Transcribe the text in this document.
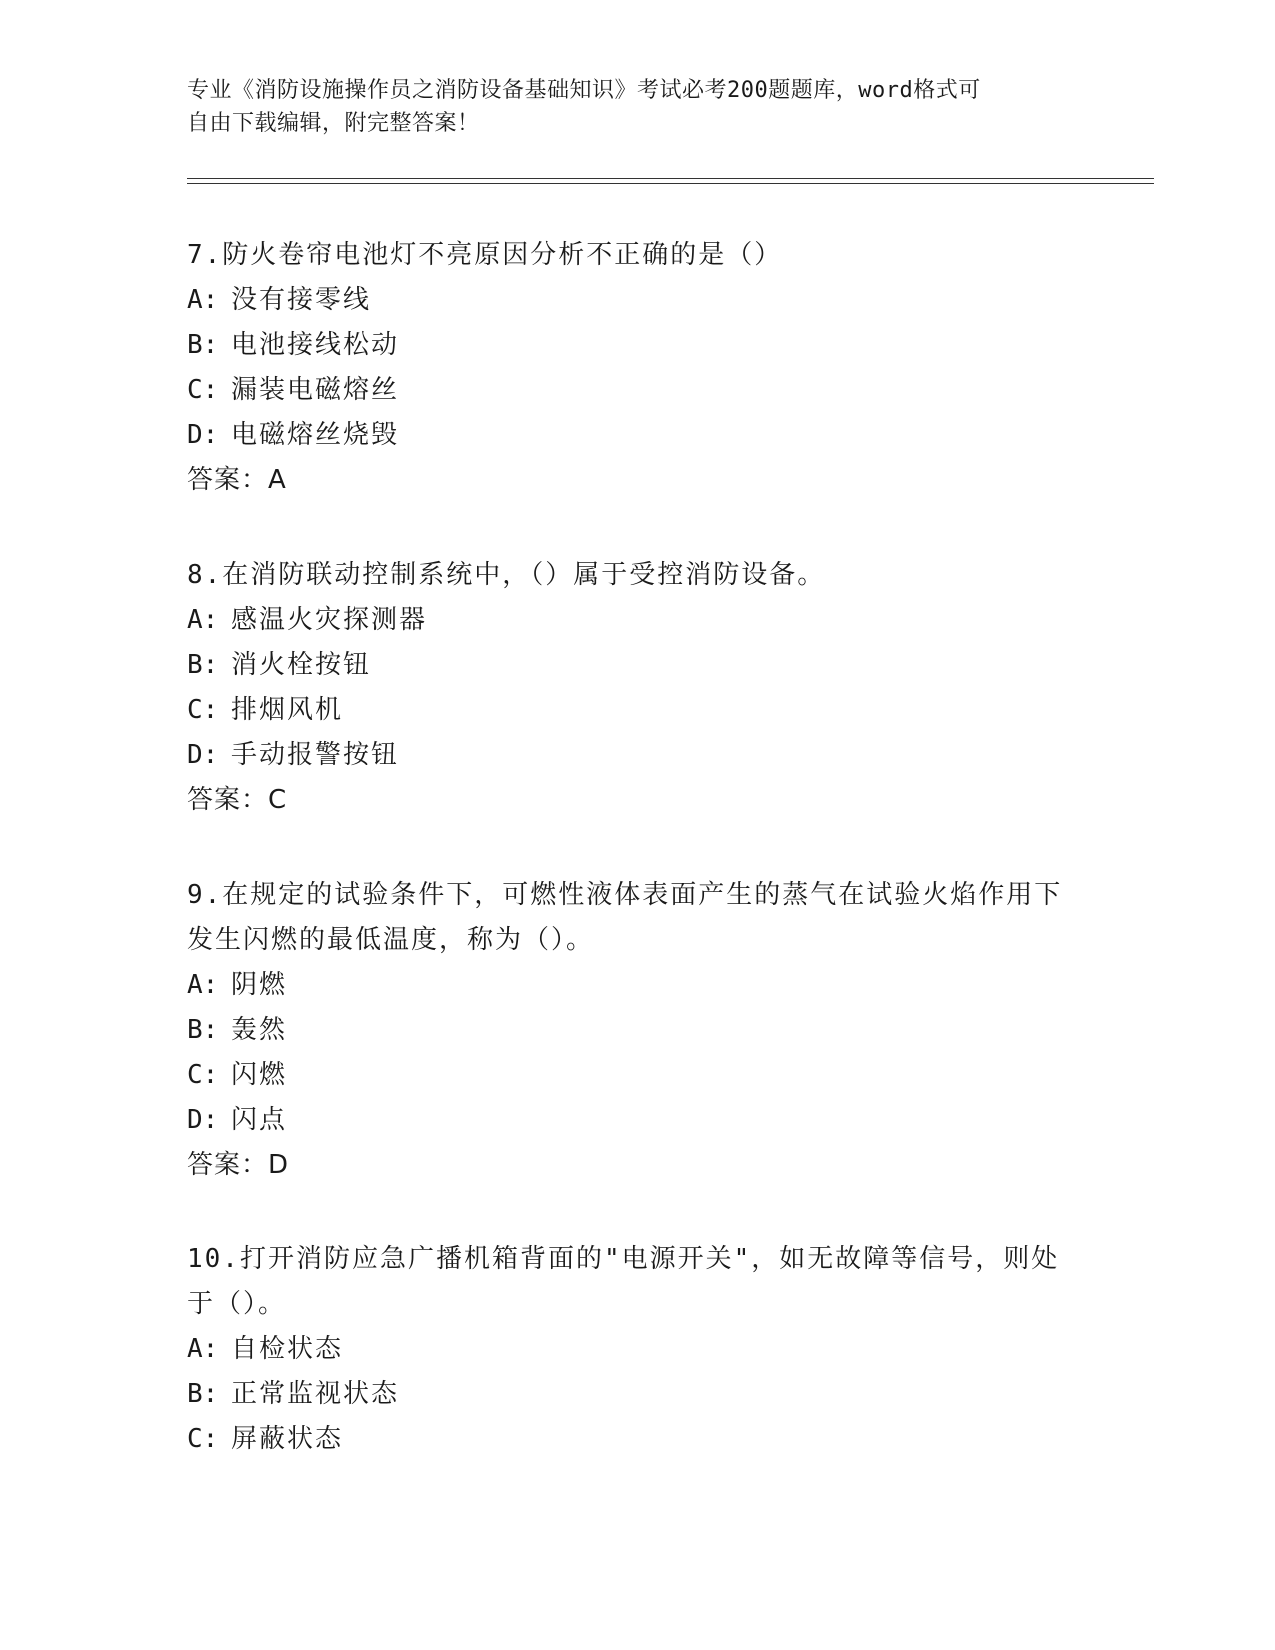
专业《消防设施操作员之消防设备基础知识》考试必考200题题库，word格式可
自由下载编辑，附完整答案！
7.防火卷帘电池灯不亮原因分析不正确的是（）
A: 没有接零线
B: 电池接线松动
C: 漏装电磁熔丝
D: 电磁熔丝烧毁
答案：A
8.在消防联动控制系统中，（）属于受控消防设备。
A: 感温火灾探测器
B: 消火栓按钮
C: 排烟风机
D: 手动报警按钮
答案：C
9.在规定的试验条件下，可燃性液体表面产生的蒸气在试验火焰作用下发生闪燃的最低温度，称为（）。
A: 阴燃
B: 轰然
C: 闪燃
D: 闪点
答案：D
10.打开消防应急广播机箱背面的"电源开关"，如无故障等信号，则处于（）。
A: 自检状态
B: 正常监视状态
C: 屏蔽状态
